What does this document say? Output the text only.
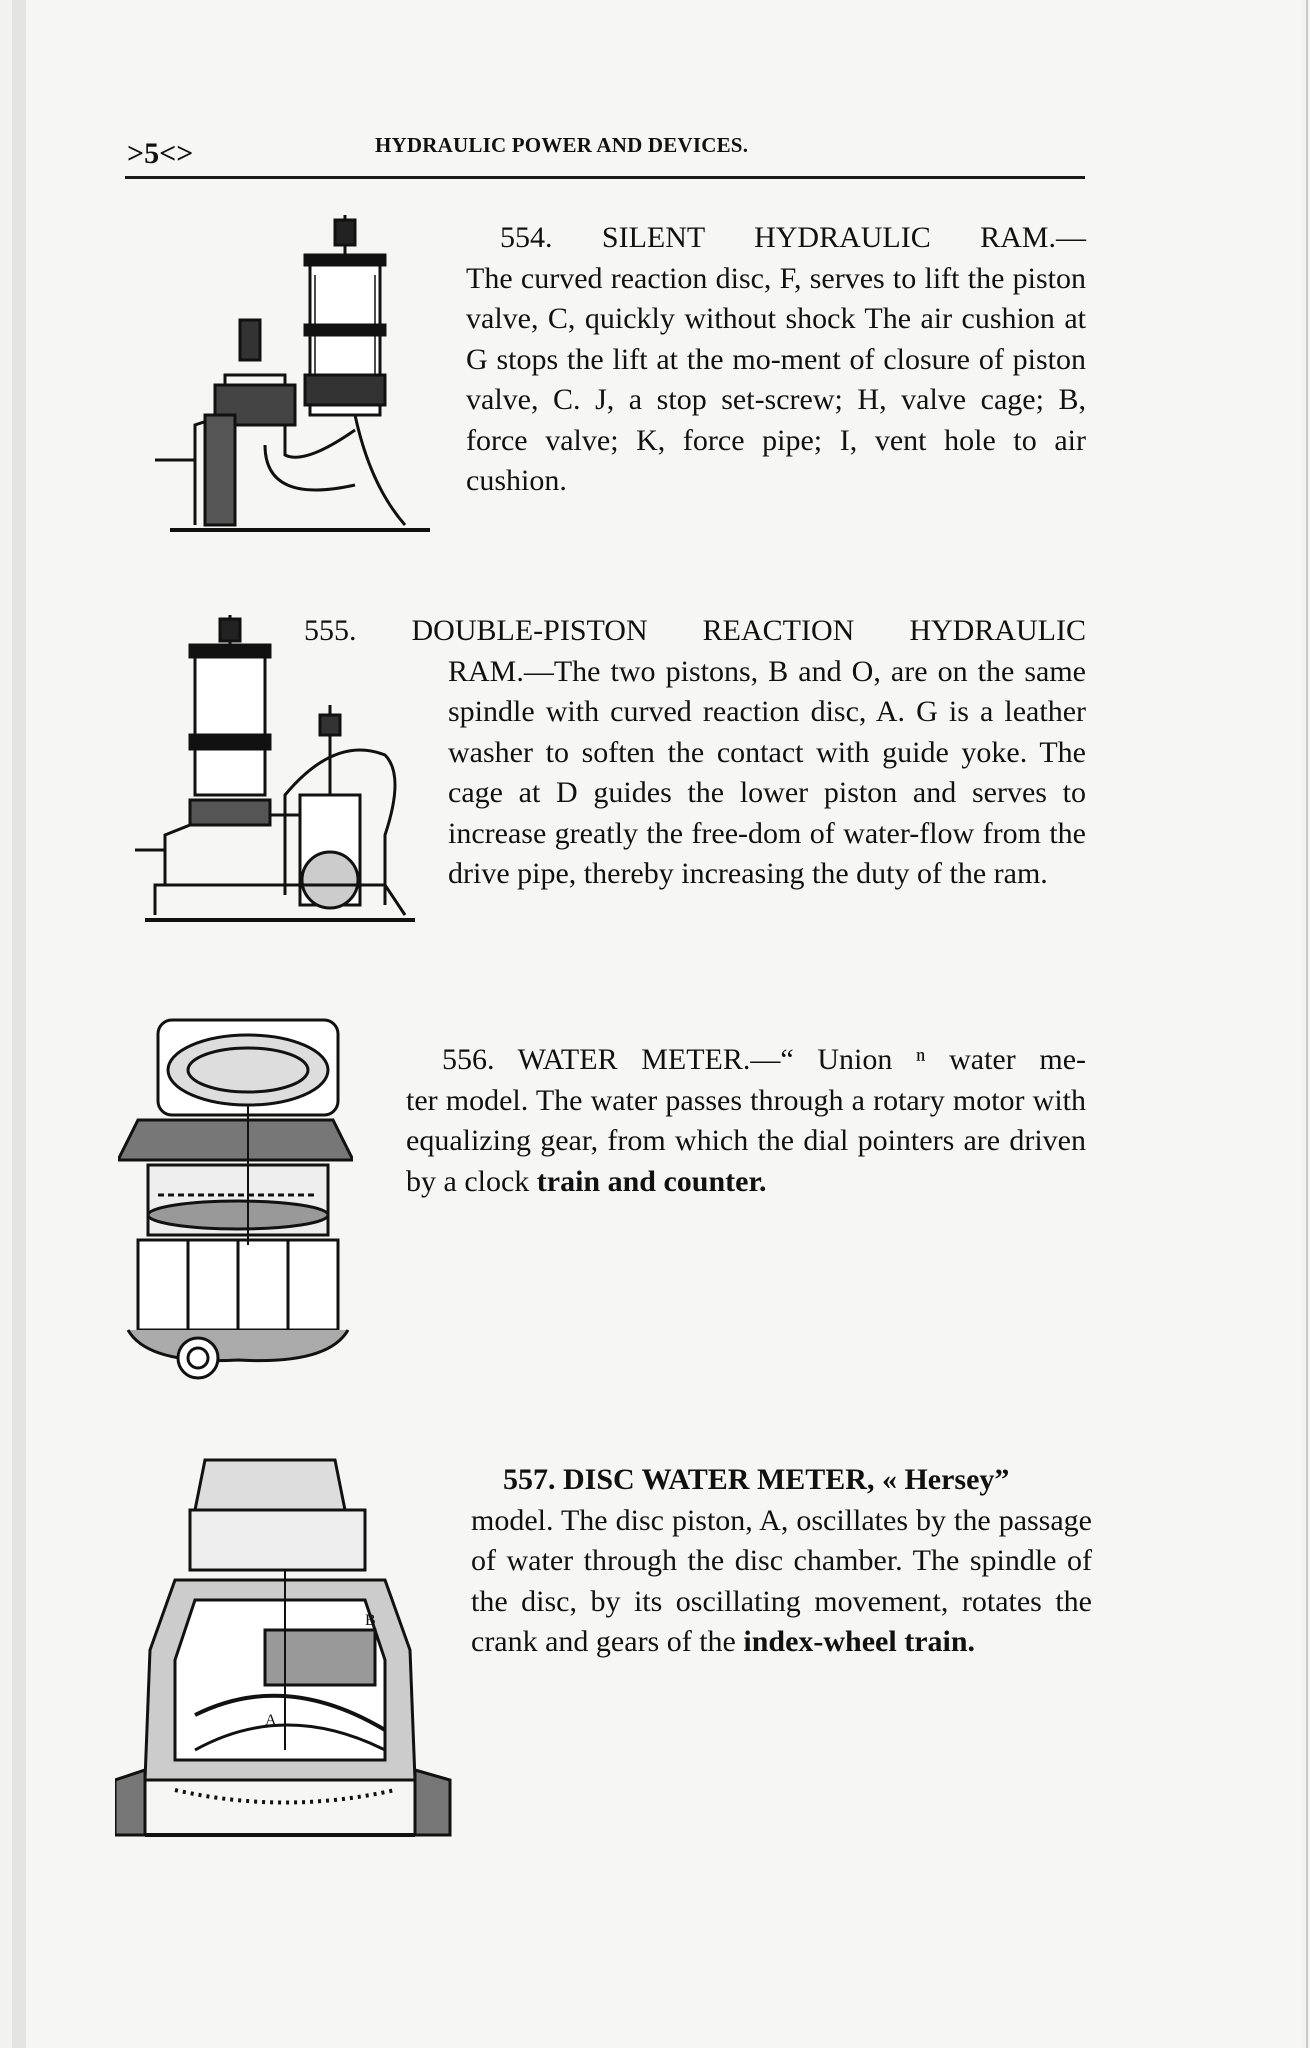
>5<>	HYDRAULIC POWER AND DEVICES.
554. SILENT HYDRAULIC RAM.—
The curved reaction disc, F, serves to lift the piston valve, C, quickly without shock The air cushion at G stops the lift at the mo-ment of closure of piston valve, C. J, a stop set-screw; H, valve cage; B, force valve; K, force pipe; I, vent hole to air cushion.
555. DOUBLE-PISTON REACTION HYDRAULIC
RAM.—The two pistons, B and O, are on the same spindle with curved reaction disc, A. G is a leather washer to soften the contact with guide yoke. The cage at D guides the lower piston and serves to increase greatly the free-dom of water-flow from the drive pipe, thereby increasing the duty of the ram.
556. WATER METER.—“ Union ⁿ water me-
ter model. The water passes through a rotary motor with equalizing gear, from which the dial pointers are driven by a clock train and counter.
A
B
557. DISC WATER METER, « Hersey”
model. The disc piston, A, oscillates by the passage of water through the disc chamber. The spindle of the disc, by its oscillating movement, rotates the crank and gears of the index-wheel train.
